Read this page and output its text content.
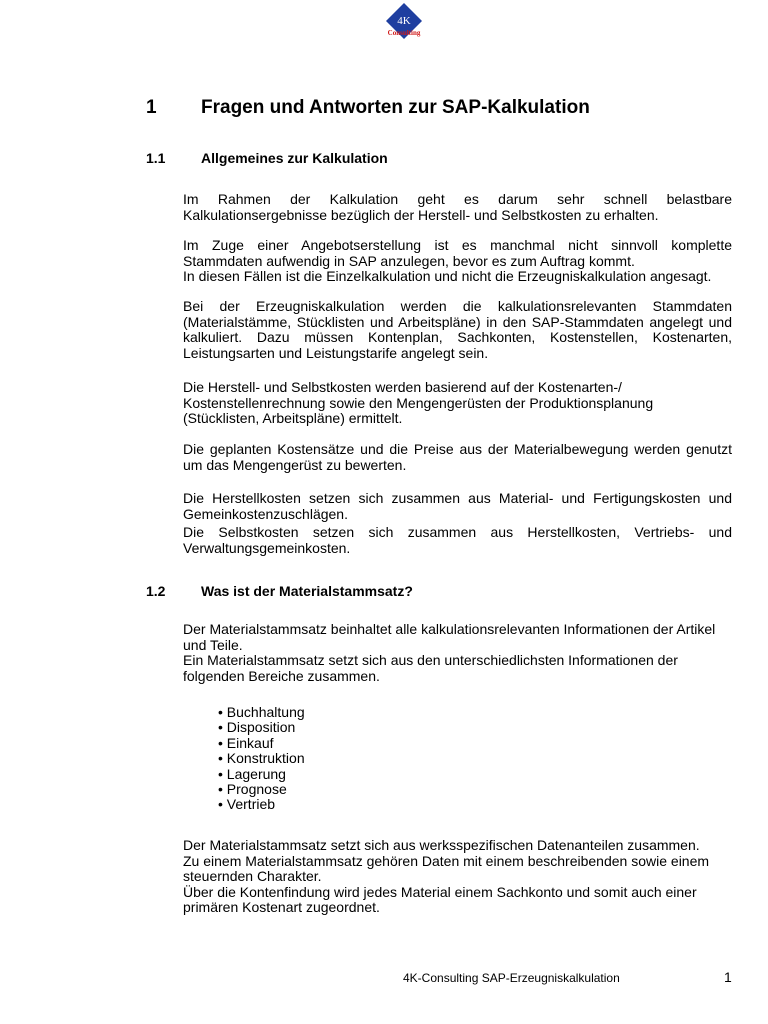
4K
Consulting
1 Fragen und Antworten zur SAP-Kalkulation
1.1	Allgemeines zur Kalkulation

Im Rahmen der Kalkulation geht es darum sehr schnell belastbare
Kalkulationsergebnisse bezüglich der Herstell- und Selbstkosten zu erhalten.

Im Zuge einer Angebotserstellung ist es manchmal nicht sinnvoll komplette
Stammdaten aufwendig in SAP anzulegen, bevor es zum Auftrag kommt.
In diesen Fällen ist die Einzelkalkulation und nicht die Erzeugniskalkulation angesagt.

Bei der Erzeugniskalkulation werden die kalkulationsrelevanten Stammdaten
(Materialstämme, Stücklisten und Arbeitspläne) in den SAP-Stammdaten angelegt und
kalkuliert. Dazu müssen Kontenplan, Sachkonten, Kostenstellen, Kostenarten,
Leistungsarten und Leistungstarife angelegt sein.

Die Herstell- und Selbstkosten werden basierend auf der Kostenarten-/
Kostenstellenrechnung sowie den Mengengerüsten der Produktionsplanung
(Stücklisten, Arbeitspläne) ermittelt.

Die geplanten Kostensätze und die Preise aus der Materialbewegung werden genutzt
um das Mengengerüst zu bewerten.

Die Herstellkosten setzen sich zusammen aus Material- und Fertigungskosten und
Gemeinkostenzuschlägen.
Die Selbstkosten setzen sich zusammen aus Herstellkosten, Vertriebs- und
Verwaltungsgemeinkosten.

1.2	Was ist der Materialstammsatz?

Der Materialstammsatz beinhaltet alle kalkulationsrelevanten Informationen der Artikel
und Teile.
Ein Materialstammsatz setzt sich aus den unterschiedlichsten Informationen der
folgenden Bereiche zusammen.

• Buchhaltung
• Disposition
• Einkauf
• Konstruktion
• Lagerung
• Prognose
• Vertrieb

Der Materialstammsatz setzt sich aus werksspezifischen Datenanteilen zusammen.
Zu einem Materialstammsatz gehören Daten mit einem beschreibenden sowie einem
steuernden Charakter.
Über die Kontenfindung wird jedes Material einem Sachkonto und somit auch einer
primären Kostenart zugeordnet.

4K-Consulting SAP-Erzeugniskalkulation	1
